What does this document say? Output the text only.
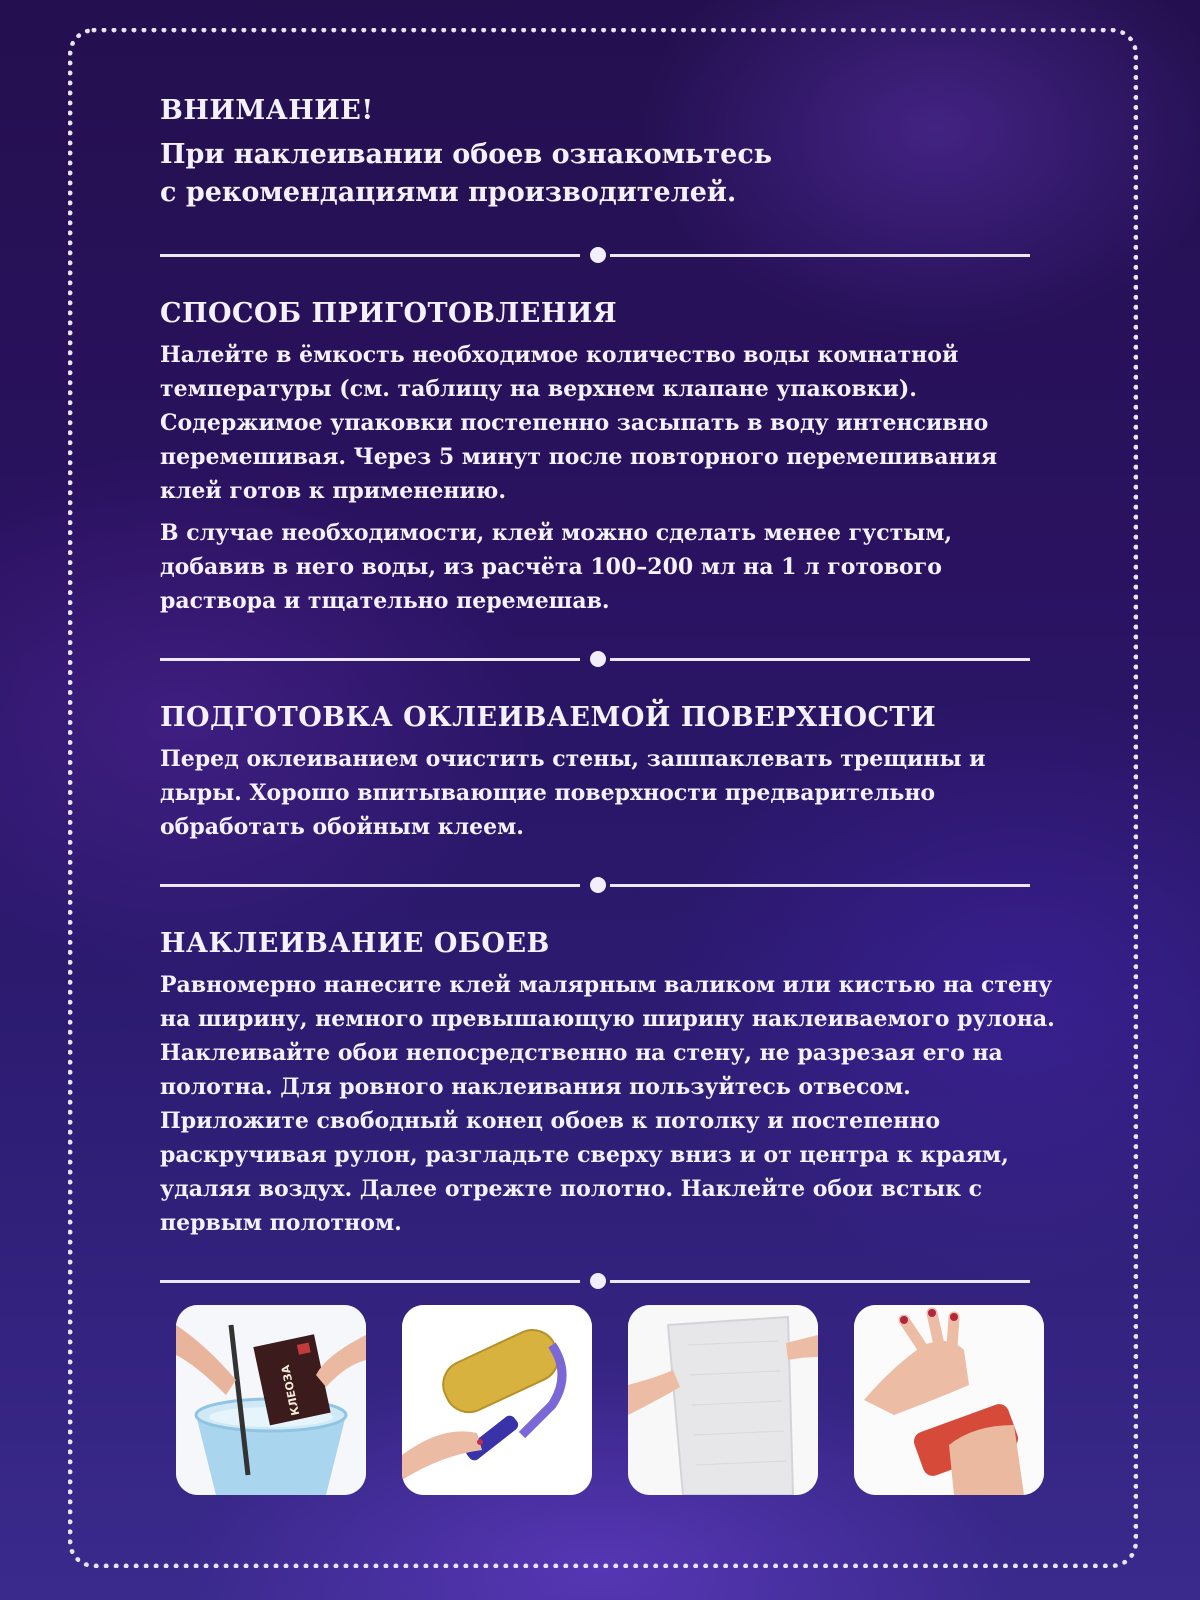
ВНИМАНИЕ!
При наклеивании обоев ознакомьтесь
с рекомендациями производителей.
СПОСОБ ПРИГОТОВЛЕНИЯ

Налейте в ёмкость необходимое количество воды комнатной температуры (см. таблицу на верхнем клапане упаковки). Содержимое упаковки постепенно засыпать в воду интенсивно перемешивая. Через 5 минут после повторного перемешивания клей готов к применению.

В случае необходимости, клей можно сделать менее густым, добавив в него воды, из расчёта 100–200 мл на 1 л готового раствора и тщательно перемешав.

ПОДГОТОВКА ОКЛЕИВАЕМОЙ ПОВЕРХНОСТИ

Перед оклеиванием очистить стены, зашпаклевать трещины и дыры. Хорошо впитывающие поверхности предварительно обработать обойным клеем.

НАКЛЕИВАНИЕ ОБОЕВ

Равномерно нанесите клей малярным валиком или кистью на стену на ширину, немного превышающую ширину наклеиваемого рулона. Наклеивайте обои непосредственно на стену, не разрезая его на полотна. Для ровного наклеивания пользуйтесь отвесом. Приложите свободный конец обоев к потолку и постепенно раскручивая рулон, разгладьте сверху вниз и от центра к краям, удаляя воздух. Далее отрежте полотно. Наклейте обои встык с первым полотном.

КЛЕОЗА
